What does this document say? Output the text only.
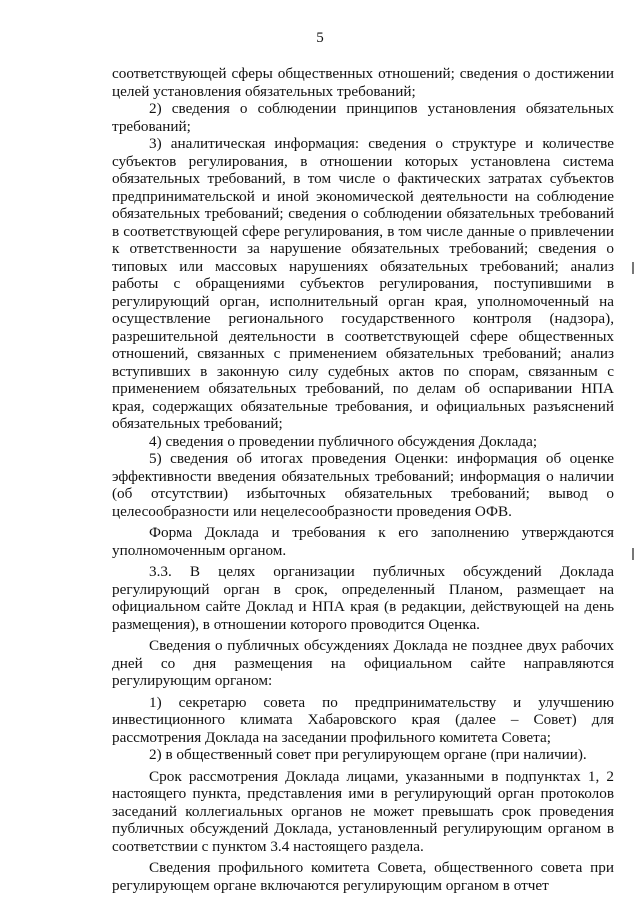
5

соответствующей сферы общественных отношений; сведения о достижении целей установления обязательных требований;

2) сведения о соблюдении принципов установления обязательных требований;

3) аналитическая информация: сведения о структуре и количестве субъектов регулирования, в отношении которых установлена система обязательных требований, в том числе о фактических затратах субъектов предпринимательской и иной экономической деятельности на соблюдение обязательных требований; сведения о соблюдении обязательных требований в соответствующей сфере регулирования, в том числе данные о привлечении к ответственности за нарушение обязательных требований; сведения о типовых или массовых нарушениях обязательных требований; анализ работы с обращениями субъектов регулирования, поступившими в регулирующий орган, исполнительный орган края, уполномоченный на осуществление регионального государственного контроля (надзора), разрешительной деятельности в соответствующей сфере общественных отношений, связанных с применением обязательных требований; анализ вступивших в законную силу судебных актов по спорам, связанным с применением обязательных требований, по делам об оспаривании НПА края, содержащих обязательные требования, и официальных разъяснений обязательных требований;

4) сведения о проведении публичного обсуждения Доклада;

5) сведения об итогах проведения Оценки: информация об оценке эффективности введения обязательных требований; информация о наличии (об отсутствии) избыточных обязательных требований; вывод о целесообразности или нецелесообразности проведения ОФВ.

Форма Доклада и требования к его заполнению утверждаются уполномоченным органом.

3.3. В целях организации публичных обсуждений Доклада регулирующий орган в срок, определенный Планом, размещает на официальном сайте Доклад и НПА края (в редакции, действующей на день размещения), в отношении которого проводится Оценка.

Сведения о публичных обсуждениях Доклада не позднее двух рабочих дней со дня размещения на официальном сайте направляются регулирующим органом:

1) секретарю совета по предпринимательству и улучшению инвестиционного климата Хабаровского края (далее – Совет) для рассмотрения Доклада на заседании профильного комитета Совета;

2) в общественный совет при регулирующем органе (при наличии).

Срок рассмотрения Доклада лицами, указанными в подпунктах 1, 2 настоящего пункта, представления ими в регулирующий орган протоколов заседаний коллегиальных органов не может превышать срок проведения публичных обсуждений Доклада, установленный регулирующим органом в соответствии с пунктом 3.4 настоящего раздела.

Сведения профильного комитета Совета, общественного совета при регулирующем органе включаются регулирующим органом в отчет
